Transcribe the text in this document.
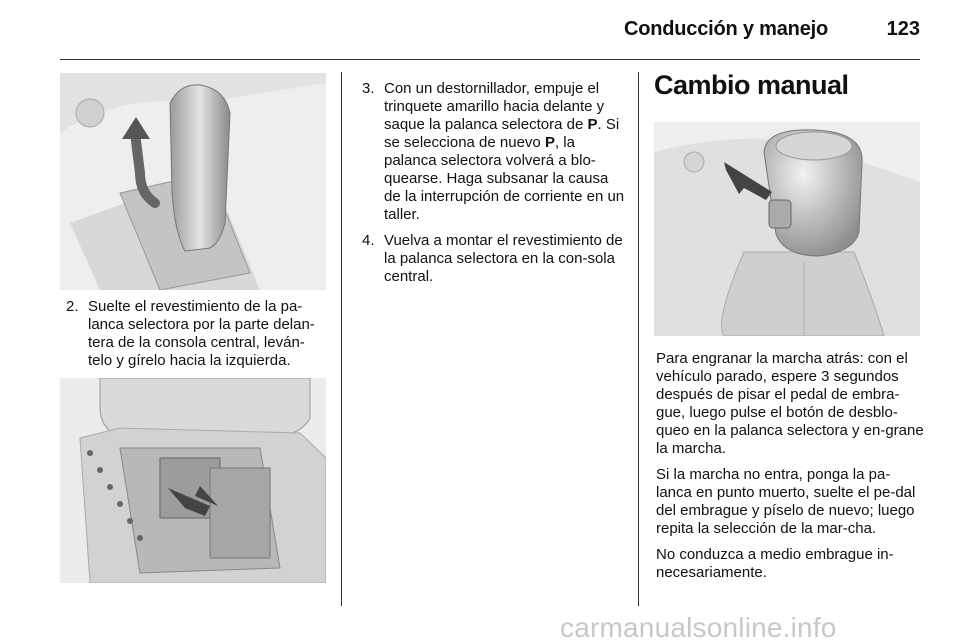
Conducción y manejo	123
2. Suelte el revestimiento de la pa-lanca selectora por la parte delan-tera de la consola central, leván-telo y gírelo hacia la izquierda.
3. Con un destornillador, empuje el trinquete amarillo hacia delante y saque la palanca selectora de P. Si se selecciona de nuevo P, la palanca selectora volverá a blo-quearse. Haga subsanar la causa de la interrupción de corriente en un taller.
4. Vuelva a montar el revestimiento de la palanca selectora en la con-sola central.
Cambio manual

Para engranar la marcha atrás: con el vehículo parado, espere 3 segundos después de pisar el pedal de embra-gue, luego pulse el botón de desblo-queo en la palanca selectora y en-grane la marcha.

Si la marcha no entra, ponga la pa-lanca en punto muerto, suelte el pe-dal del embrague y píselo de nuevo; luego repita la selección de la mar-cha.

No conduzca a medio embrague in-necesariamente.

carmanualsonline.info
